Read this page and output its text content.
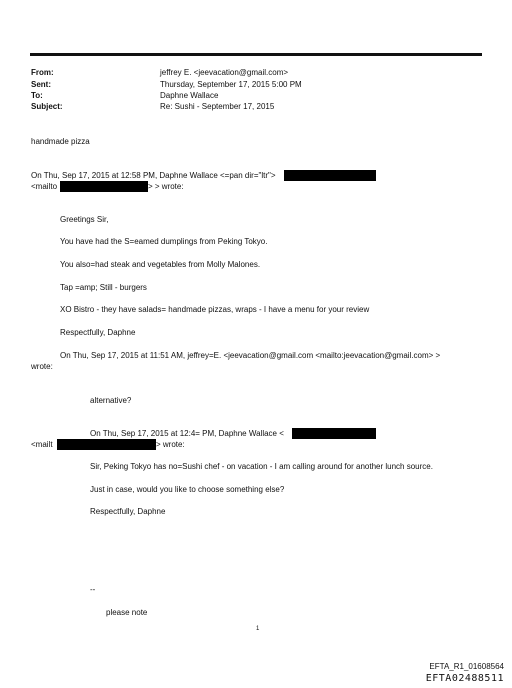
From:	jeffrey E. <jeevacation@gmail.com>
Sent:	Thursday, September 17, 2015 5:00 PM
To:	Daphne Wallace
Subject:	Re: Sushi - September 17, 2015
handmade pizza
On Thu, Sep 17, 2015 at 12:58 PM, Daphne Wallace <=pan dir="ltr">
<mailto	> > wrote:
Greetings Sir,
You have had the S=eamed dumplings from Peking Tokyo.
You also=had steak and vegetables from Molly Malones.
Tap =amp; Still - burgers
XO Bistro - they have salads= handmade pizzas, wraps - I have a menu for your review
Respectfully, Daphne
On Thu, Sep 17, 2015 at 11:51 AM, jeffrey=E. <jeevacation@gmail.com <mailto:jeevacation@gmail.com> >
wrote:
alternative?
On Thu, Sep 17, 2015 at 12:4= PM, Daphne Wallace <
<mailt	> wrote:
Sir, Peking Tokyo has no=Sushi chef - on vacation - I am calling around for another lunch source.
Just in case, would you like to choose something else?
Respectfully, Daphne
--
please note
1
EFTA_R1_01608564
EFTA02488511
